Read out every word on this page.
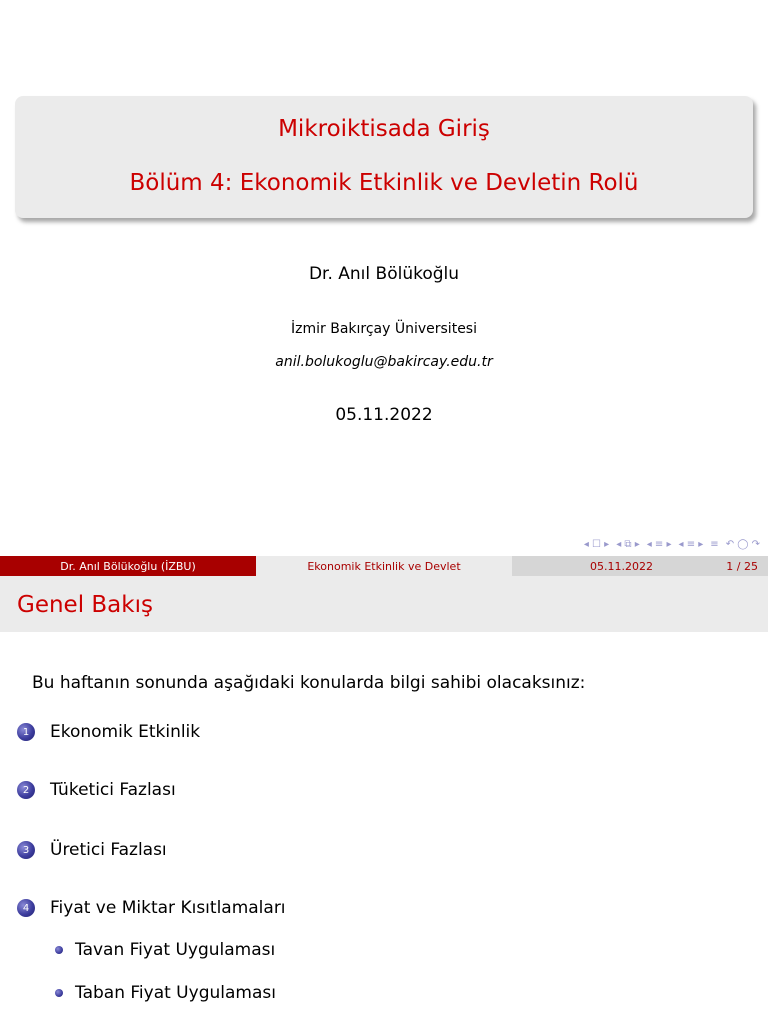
Mikroiktisada Giriş
Bölüm 4: Ekonomik Etkinlik ve Devletin Rolü
Dr. Anıl Bölükoğlu
İzmir Bakırçay Üniversitesi
anil.bolukoglu@bakircay.edu.tr
05.11.2022
◂ ☐ ▸ ◂ ⧉ ▸ ◂ ≡ ▸ ◂ ≡ ▸ ≡ ↶ ◯ ↷
Dr. Anıl Bölükoğlu (İZBU)	Ekonomik Etkinlik ve Devlet	05.11.2022	1 / 25
Genel Bakış
Bu haftanın sonunda aşağıdaki konularda bilgi sahibi olacaksınız:
1	Ekonomik Etkinlik
2	Tüketici Fazlası
3	Üretici Fazlası
4	Fiyat ve Miktar Kısıtlamaları
Tavan Fiyat Uygulaması
Taban Fiyat Uygulaması
